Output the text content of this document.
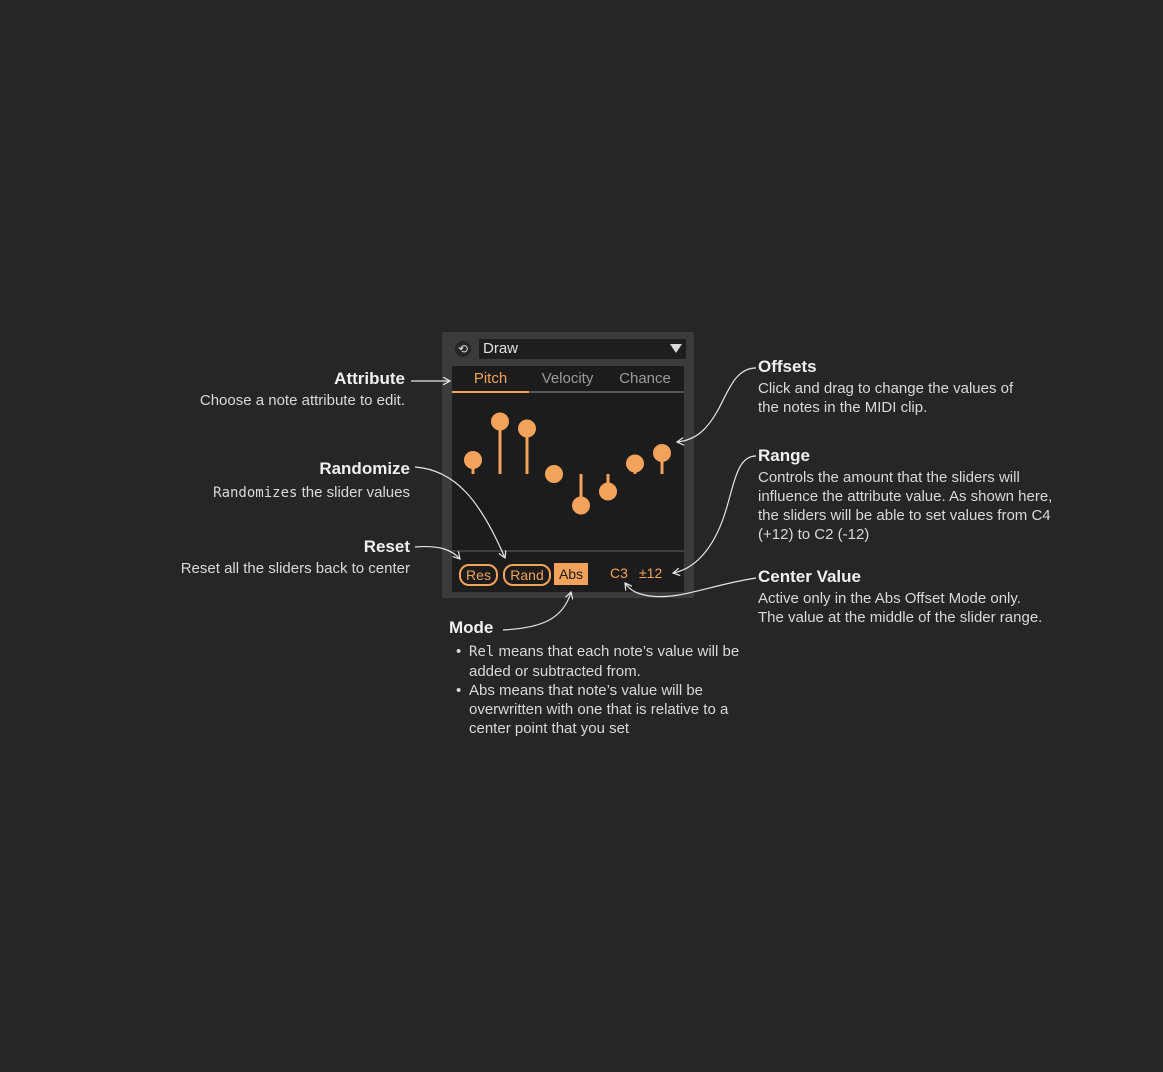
⟲ Draw
Pitch	Velocity	Chance
Res	Rand	Abs	C3 ±12
Attribute
Choose a note attribute to edit.
Randomize
Randomizes the slider values
Reset
Reset all the sliders back to center
Offsets
Click and drag to change the values of the notes in the MIDI clip.
Range
Controls the amount that the sliders will influence the attribute value. As shown here, the sliders will be able to set values from C4 (+12) to C2 (-12)
Center Value
Active only in the Abs Offset Mode only. The value at the middle of the slider range.
Mode
• Rel means that each note’s value will be added or subtracted from.
• Abs means that note’s value will be overwritten with one that is relative to a center point that you set
